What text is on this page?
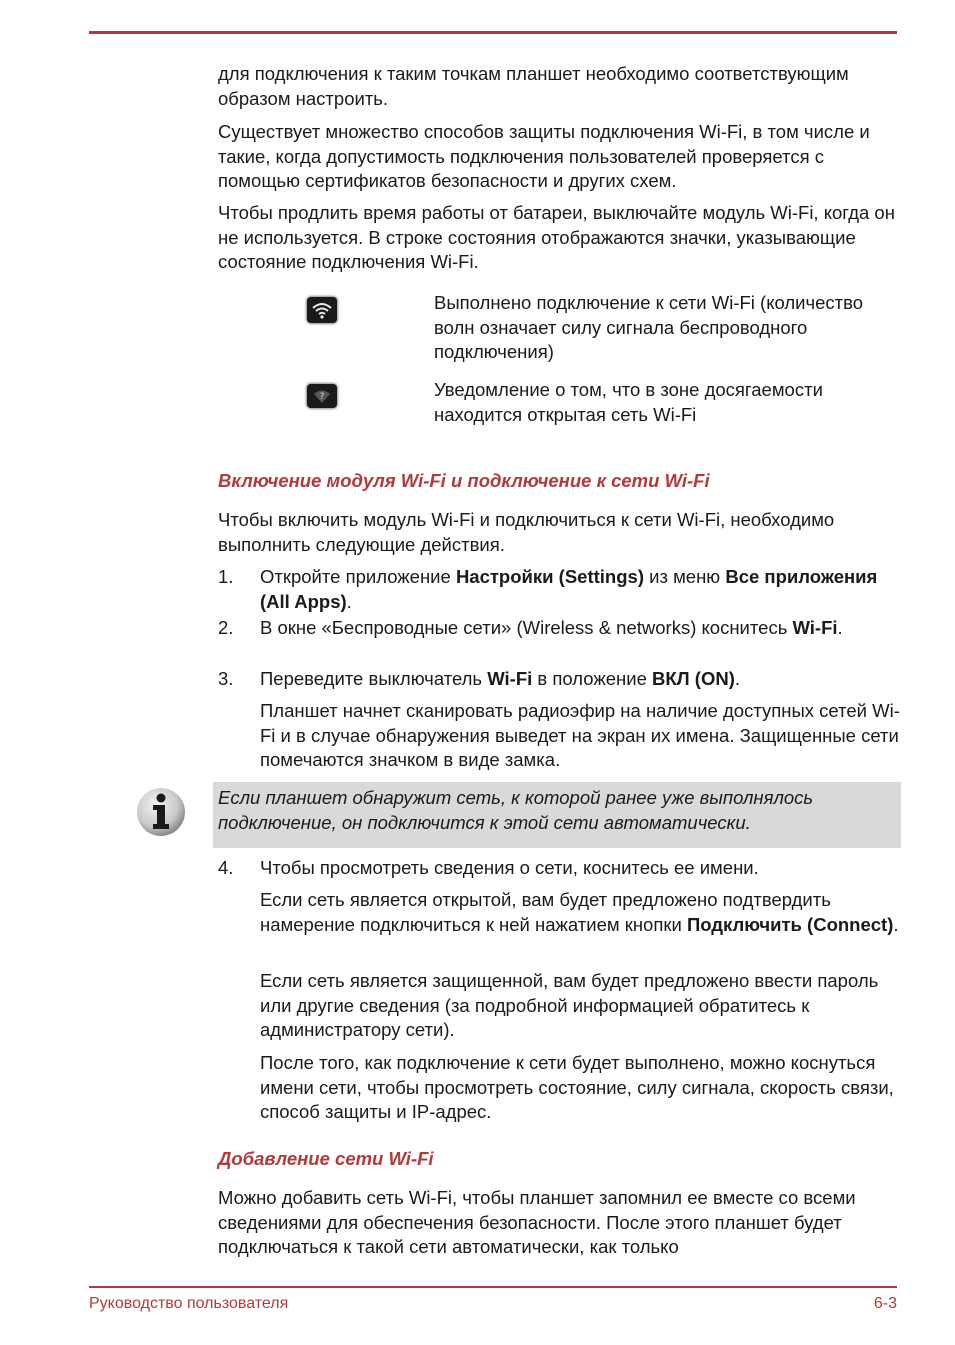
для подключения к таким точкам планшет необходимо соответствующим образом настроить.

Существует множество способов защиты подключения Wi-Fi, в том числе и такие, когда допустимость подключения пользователей проверяется с помощью сертификатов безопасности и других схем.

Чтобы продлить время работы от батареи, выключайте модуль Wi-Fi, когда он не используется. В строке состояния отображаются значки, указывающие состояние подключения Wi-Fi.

Выполнено подключение к сети Wi-Fi (количество волн означает силу сигнала беспроводного подключения)

?	Уведомление о том, что в зоне досягаемости находится открытая сеть Wi-Fi

Включение модуля Wi-Fi и подключение к сети Wi-Fi

Чтобы включить модуль Wi-Fi и подключиться к сети Wi-Fi, необходимо выполнить следующие действия.

1. Откройте приложение Настройки (Settings) из меню Все приложения (All Apps).
2. В окне «Беспроводные сети» (Wireless & networks) коснитесь Wi-Fi.
3. Переведите выключатель Wi-Fi в положение ВКЛ (ON).

Планшет начнет сканировать радиоэфир на наличие доступных сетей Wi-Fi и в случае обнаружения выведет на экран их имена. Защищенные сети помечаются значком в виде замка.

Если планшет обнаружит сеть, к которой ранее уже выполнялось подключение, он подключится к этой сети автоматически.

4. Чтобы просмотреть сведения о сети, коснитесь ее имени.

Если сеть является открытой, вам будет предложено подтвердить намерение подключиться к ней нажатием кнопки Подключить (Connect).

Если сеть является защищенной, вам будет предложено ввести пароль или другие сведения (за подробной информацией обратитесь к администратору сети).

После того, как подключение к сети будет выполнено, можно коснуться имени сети, чтобы просмотреть состояние, силу сигнала, скорость связи, способ защиты и IP-адрес.

Добавление сети Wi-Fi

Можно добавить сеть Wi-Fi, чтобы планшет запомнил ее вместе со всеми сведениями для обеспечения безопасности. После этого планшет будет подключаться к такой сети автоматически, как только

Руководство пользователя	6-3
